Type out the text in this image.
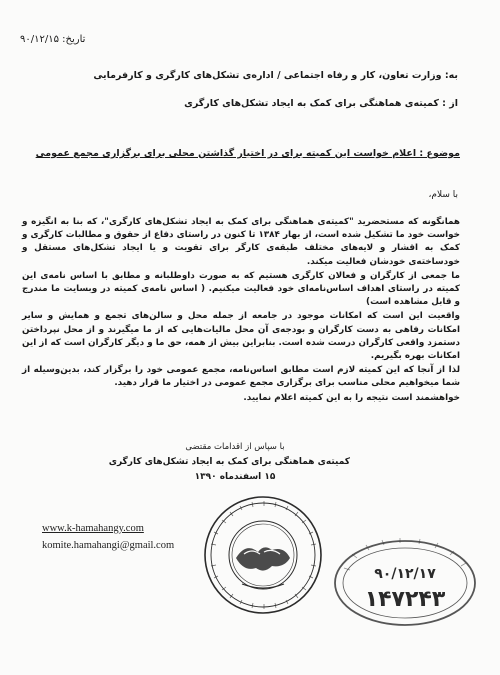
تاریخ: ۹۰/۱۲/۱۵
به: وزارت تعاون، کار و رفاه اجتماعی / اداره‌ی تشکل‌های کارگری و کارفرمایی
از : کمیته‌ی هماهنگی برای کمک به ایجاد تشکل‌های کارگری
موضوع : اعلام خواست این کمیته برای در اختیار گذاشتن محلی برای برگزاری مجمع عمومی
با سلام،

همانگونه که مستحضرید "کمیته‌ی هماهنگی برای کمک به ایجاد تشکل‌های کارگری"، که بنا به انگیزه و خواست خود ما تشکیل شده است، از بهار ۱۳۸۴ تا کنون در راستای دفاع از حقوق و مطالبات کارگری و کمک به اقشار و لایه‌های مختلف طبقه‌ی کارگر برای تقویت و یا ایجاد تشکل‌های مستقل و خودساخته‌ی خودشان فعالیت میکند.

ما جمعی از کارگران و فعالان کارگری هستیم که به صورت داوطلبانه و مطابق با اساس نامه‌ی این کمیته در راستای اهداف اساس‌نامه‌ای خود فعالیت میکنیم. ( اساس نامه‌ی کمیته در وبسایت ما مندرج و قابل مشاهده است)

واقعیت این است که امکانات موجود در جامعه از جمله محل و سالن‌های تجمع و همایش و سایر امکانات رفاهی به دست کارگران و بودجه‌ی آن محل مالیات‌هایی که از ما میگیرند و از محل نپرداختن دستمزد واقعی کارگران درست شده است. بنابراین بیش از همه، حق ما و دیگر کارگران است که از این امکانات بهره بگیریم.

لذا از آنجا که این کمیته لازم است مطابق اساس‌نامه، مجمع عمومی خود را برگزار کند، بدین‌وسیله از شما میخواهیم محلی مناسب برای برگزاری مجمع عمومی در اختیار ما قرار دهید.

خواهشمند است نتیجه را به این کمیته اعلام نمایید.

با سپاس از اقدامات مقتضی
کمیته‌ی هماهنگی برای کمک به ایجاد تشکل‌های کارگری
۱۵ اسفندماه ۱۳۹۰
www.k-hamahangy.com
komite.hamahangi@gmail.com
۹۰/۱۲/۱۷
۱۴۷۲۴۳
